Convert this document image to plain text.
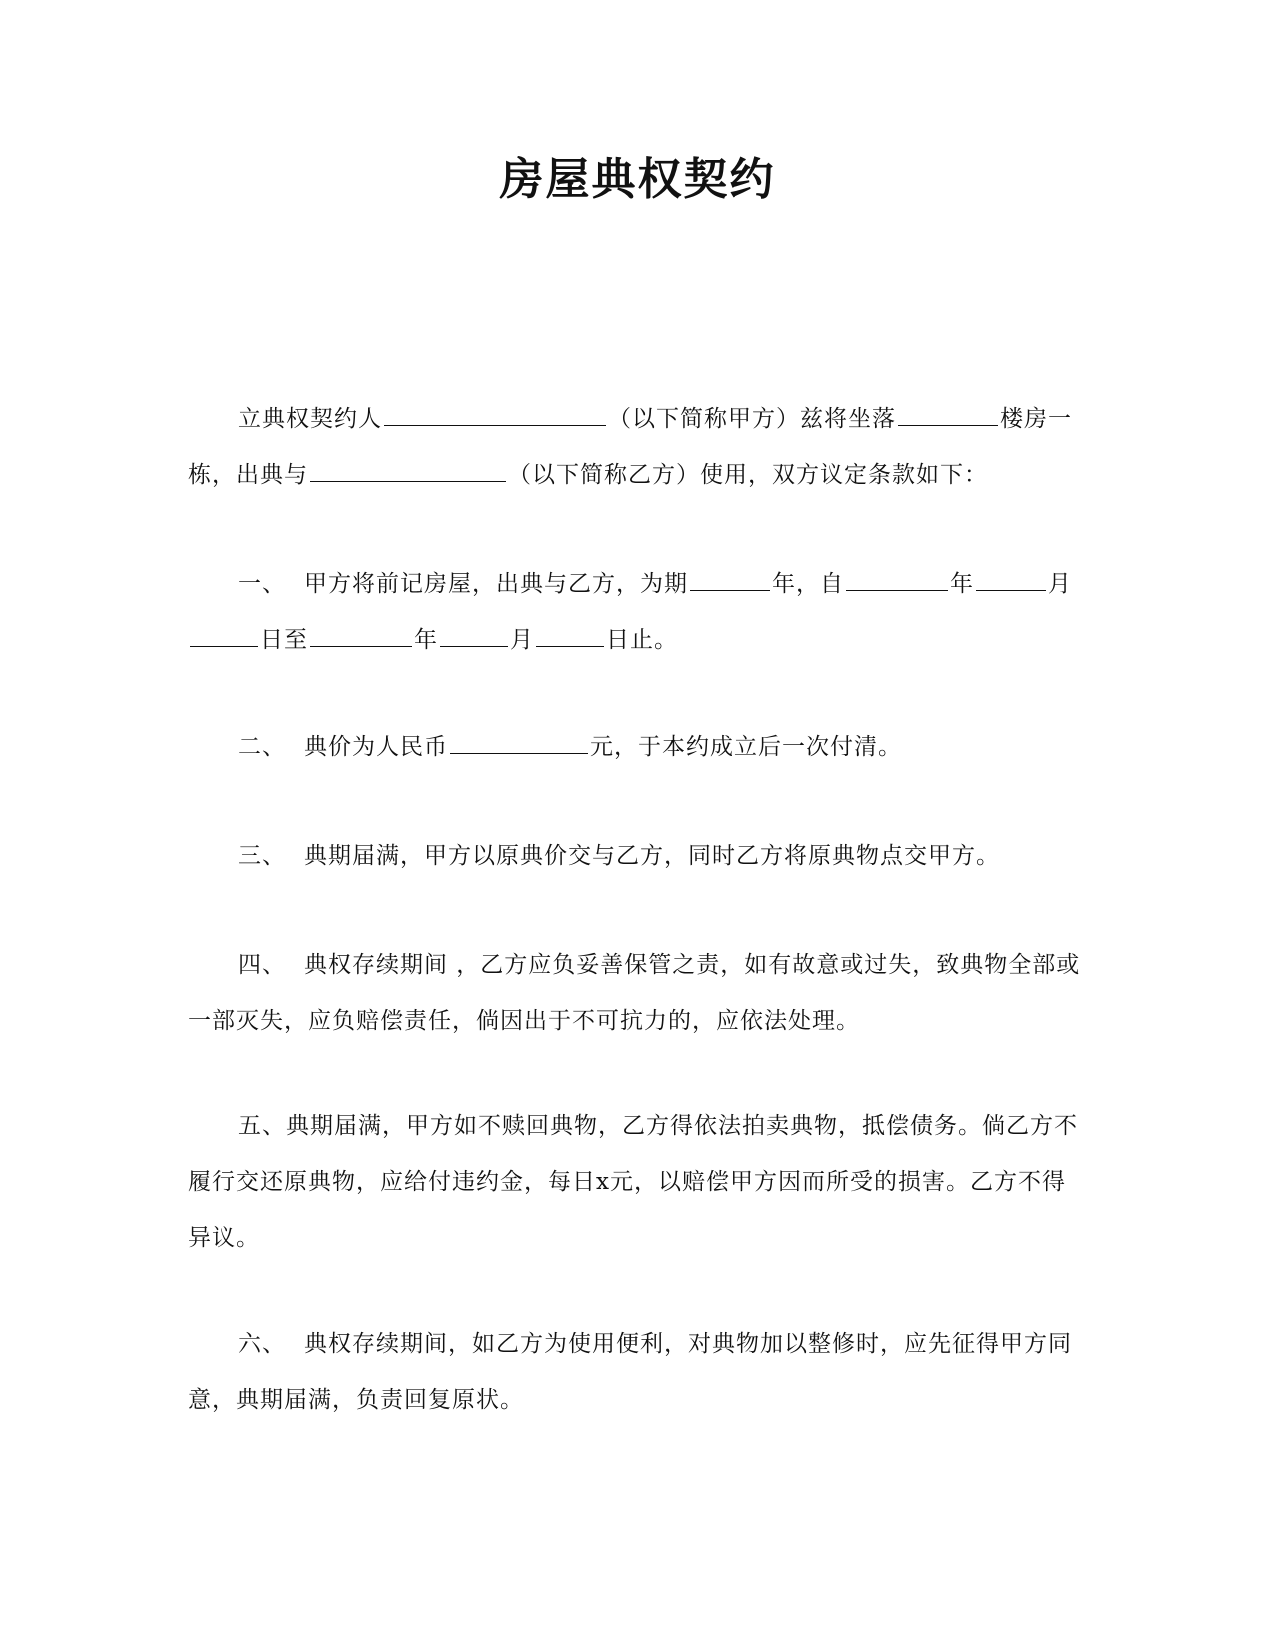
房屋典权契约
立典权契约人	（以下简称甲方）兹将坐落	楼房一栋，出典与	（以下简称乙方）使用，双方议定条款如下：
一、 甲方将前记房屋，出典与乙方，为期	年，自	年	月日至	年	月	日止。
二、 典价为人民币	元，于本约成立后一次付清。
三、 典期届满，甲方以原典价交与乙方，同时乙方将原典物点交甲方。
四、 典权存续期间 ，乙方应负妥善保管之责，如有故意或过失，致典物全部或一部灭失，应负赔偿责任，倘因出于不可抗力的，应依法处理。
五、典期届满，甲方如不赎回典物，乙方得依法拍卖典物，抵偿债务。倘乙方不履行交还原典物，应给付违约金，每日x元，以赔偿甲方因而所受的损害。乙方不得异议。
六、 典权存续期间，如乙方为使用便利，对典物加以整修时，应先征得甲方同意，典期届满，负责回复原状。
